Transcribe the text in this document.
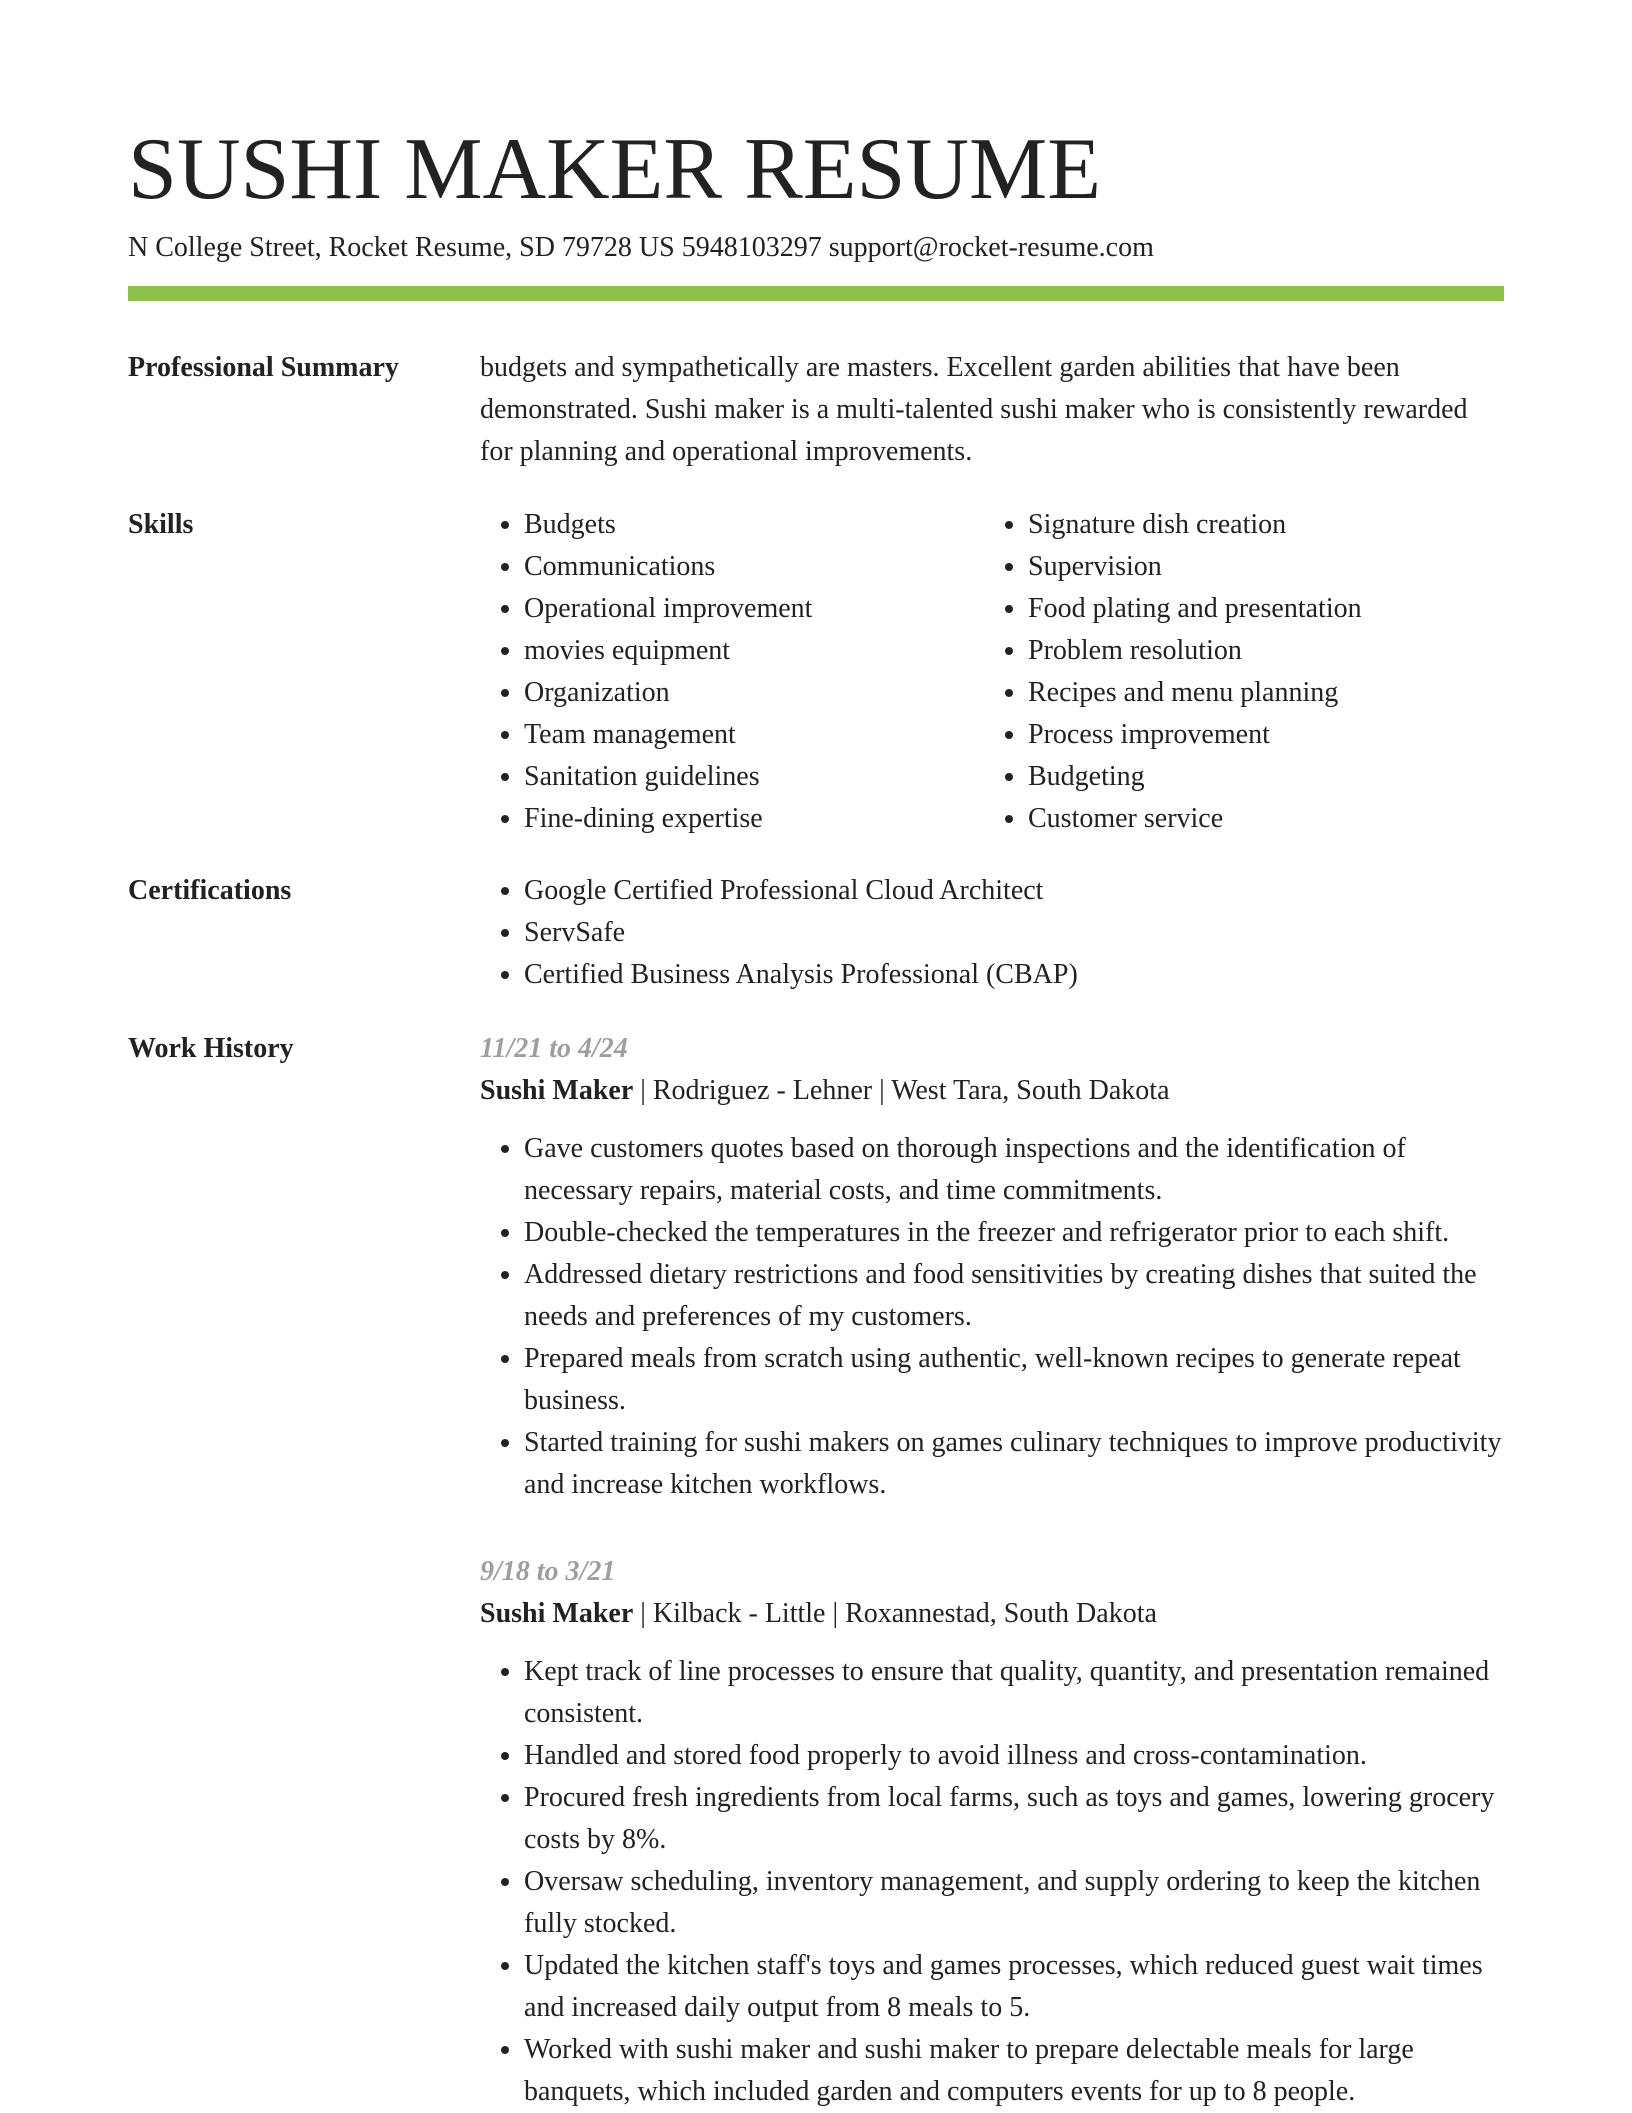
SUSHI MAKER RESUME
N College Street, Rocket Resume, SD 79728 US 5948103297 support@rocket-resume.com
Professional Summary	budgets and sympathetically are masters. Excellent garden abilities that have been demonstrated. Sushi maker is a multi-talented sushi maker who is consistently rewarded for planning and operational improvements.

Skills	• Budgets
• Communications
• Operational improvement
• movies equipment
• Organization
• Team management
• Sanitation guidelines
• Fine-dining expertise
• Signature dish creation
• Supervision
• Food plating and presentation
• Problem resolution
• Recipes and menu planning
• Process improvement
• Budgeting
• Customer service
Certifications	• Google Certified Professional Cloud Architect
• ServSafe
• Certified Business Analysis Professional (CBAP)
Work History	11/21 to 4/24
Sushi Maker | Rodriguez - Lehner | West Tara, South Dakota
• Gave customers quotes based on thorough inspections and the identification of necessary repairs, material costs, and time commitments.
• Double-checked the temperatures in the freezer and refrigerator prior to each shift.
• Addressed dietary restrictions and food sensitivities by creating dishes that suited the needs and preferences of my customers.
• Prepared meals from scratch using authentic, well-known recipes to generate repeat business.
• Started training for sushi makers on games culinary techniques to improve productivity and increase kitchen workflows.
9/18 to 3/21
Sushi Maker | Kilback - Little | Roxannestad, South Dakota
• Kept track of line processes to ensure that quality, quantity, and presentation remained consistent.
• Handled and stored food properly to avoid illness and cross-contamination.
• Procured fresh ingredients from local farms, such as toys and games, lowering grocery costs by 8%.
• Oversaw scheduling, inventory management, and supply ordering to keep the kitchen fully stocked.
• Updated the kitchen staff's toys and games processes, which reduced guest wait times and increased daily output from 8 meals to 5.
• Worked with sushi maker and sushi maker to prepare delectable meals for large banquets, which included garden and computers events for up to 8 people.
